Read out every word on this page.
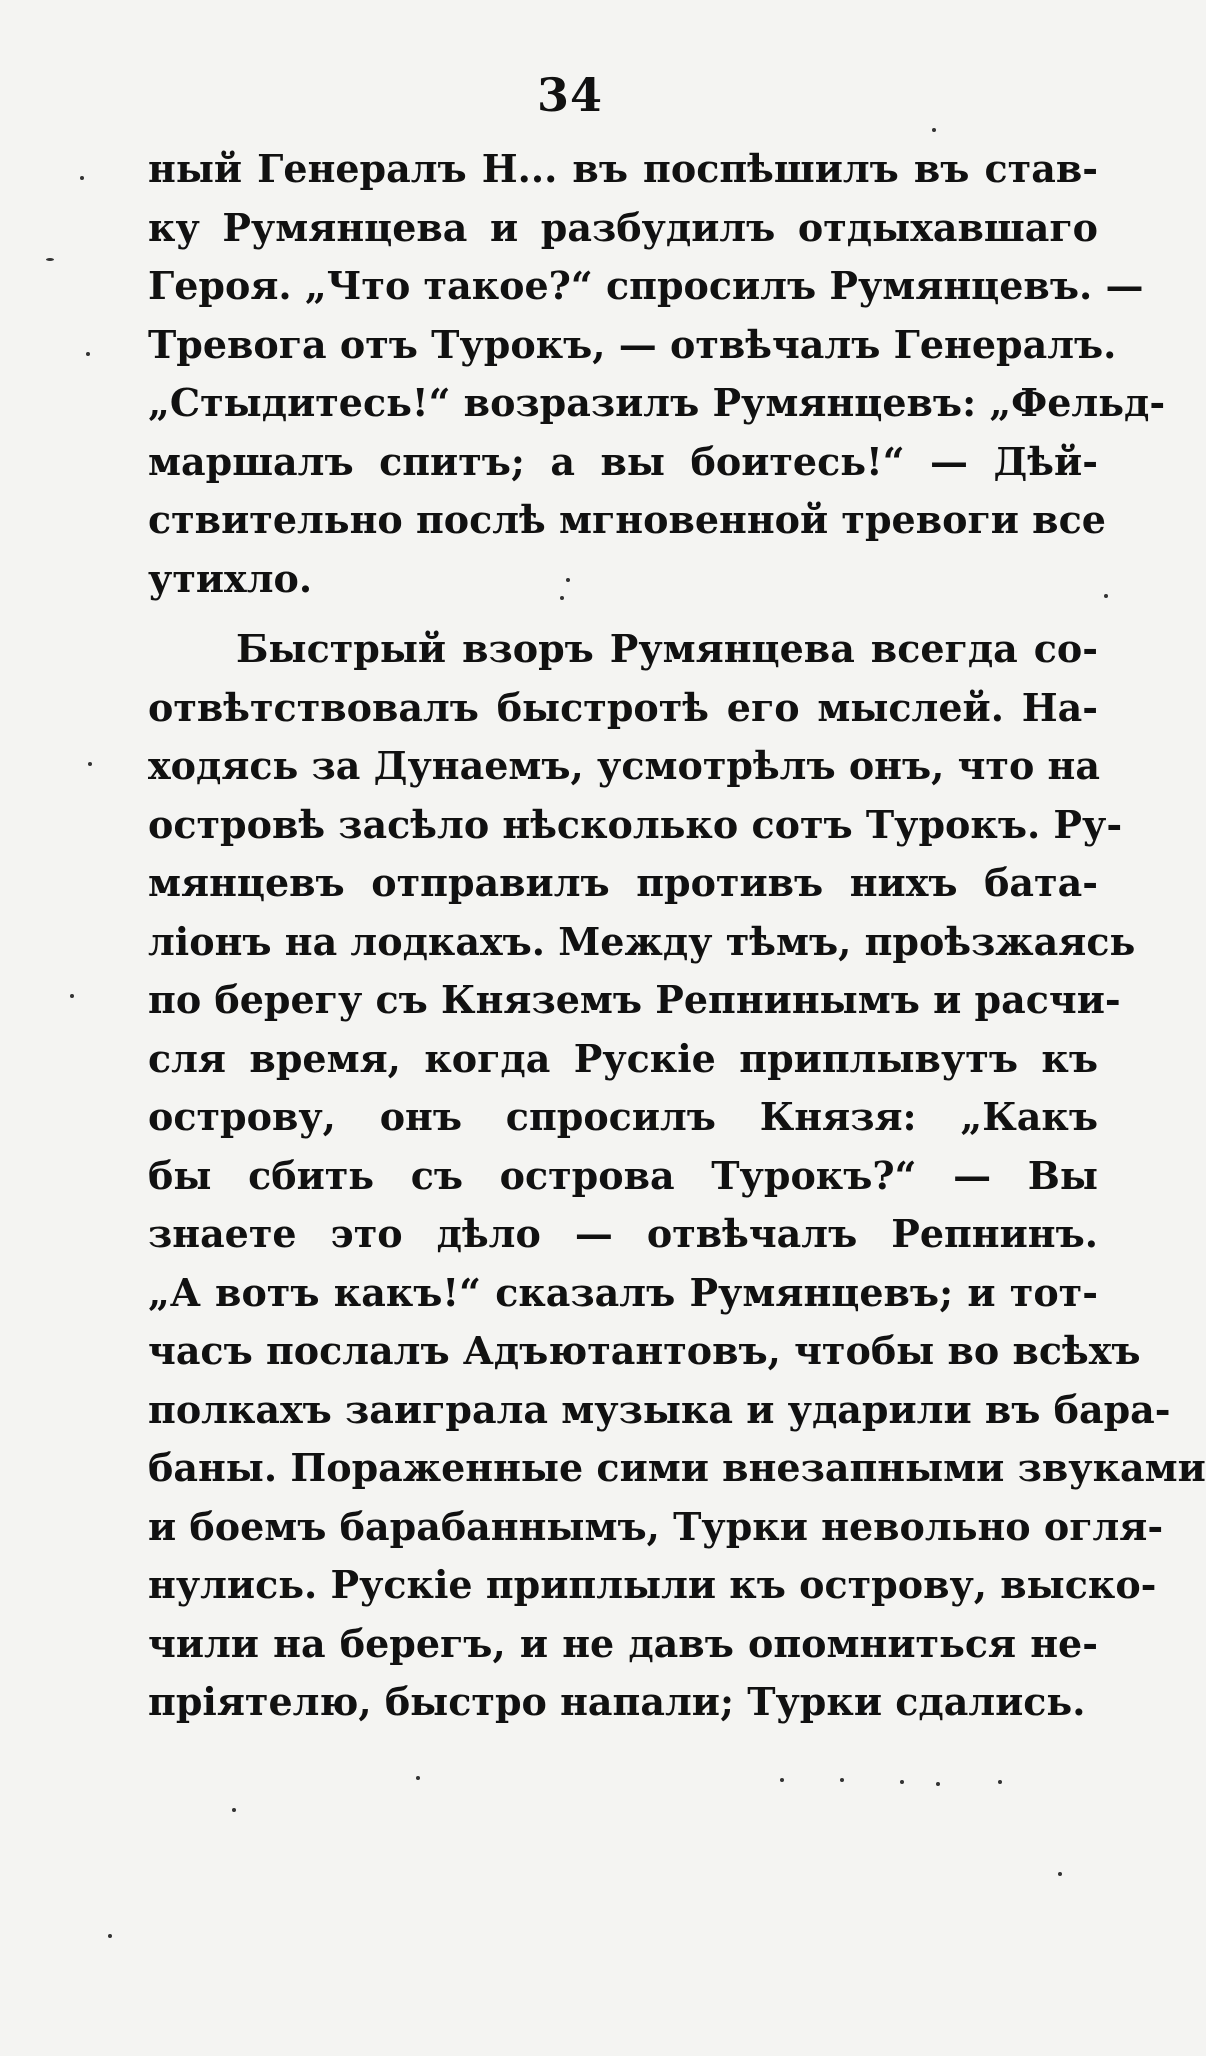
34
ный Генералъ Н... въ поспѣшилъ въ став-
ку Румянцева и разбудилъ отдыхавшаго
Героя. „Что такое?“ спросилъ Румянцевъ. —
Тревога отъ Турокъ, — отвѣчалъ Генералъ.
„Стыдитесь!“ возразилъ Румянцевъ: „Фельд-
маршалъ спитъ; а вы боитесь!“ — Дѣй-
ствительно послѣ мгновенной тревоги все
утихло.
Быстрый взоръ Румянцева всегда со-
отвѣтствовалъ быстротѣ его мыслей. На-
ходясь за Дунаемъ, усмотрѣлъ онъ, что на
островѣ засѣло нѣсколько сотъ Турокъ. Ру-
мянцевъ отправилъ противъ нихъ бата-
ліонъ на лодкахъ. Между тѣмъ, проѣзжаясь
по берегу съ Княземъ Репнинымъ и расчи-
сля время, когда Рускіе приплывутъ къ
острову, онъ спросилъ Князя: „Какъ
бы сбить съ острова Турокъ?“ — Вы
знаете это дѣло — отвѣчалъ Репнинъ.
„А вотъ какъ!“ сказалъ Румянцевъ; и тот-
часъ послалъ Адъютантовъ, чтобы во всѣхъ
полкахъ заиграла музыка и ударили въ бара-
баны. Пораженные сими внезапными звуками
и боемъ барабаннымъ, Турки невольно огля-
нулись. Рускіе приплыли къ острову, выско-
чили на берегъ, и не давъ опомниться не-
пріятелю, быстро напали; Турки сдались.
